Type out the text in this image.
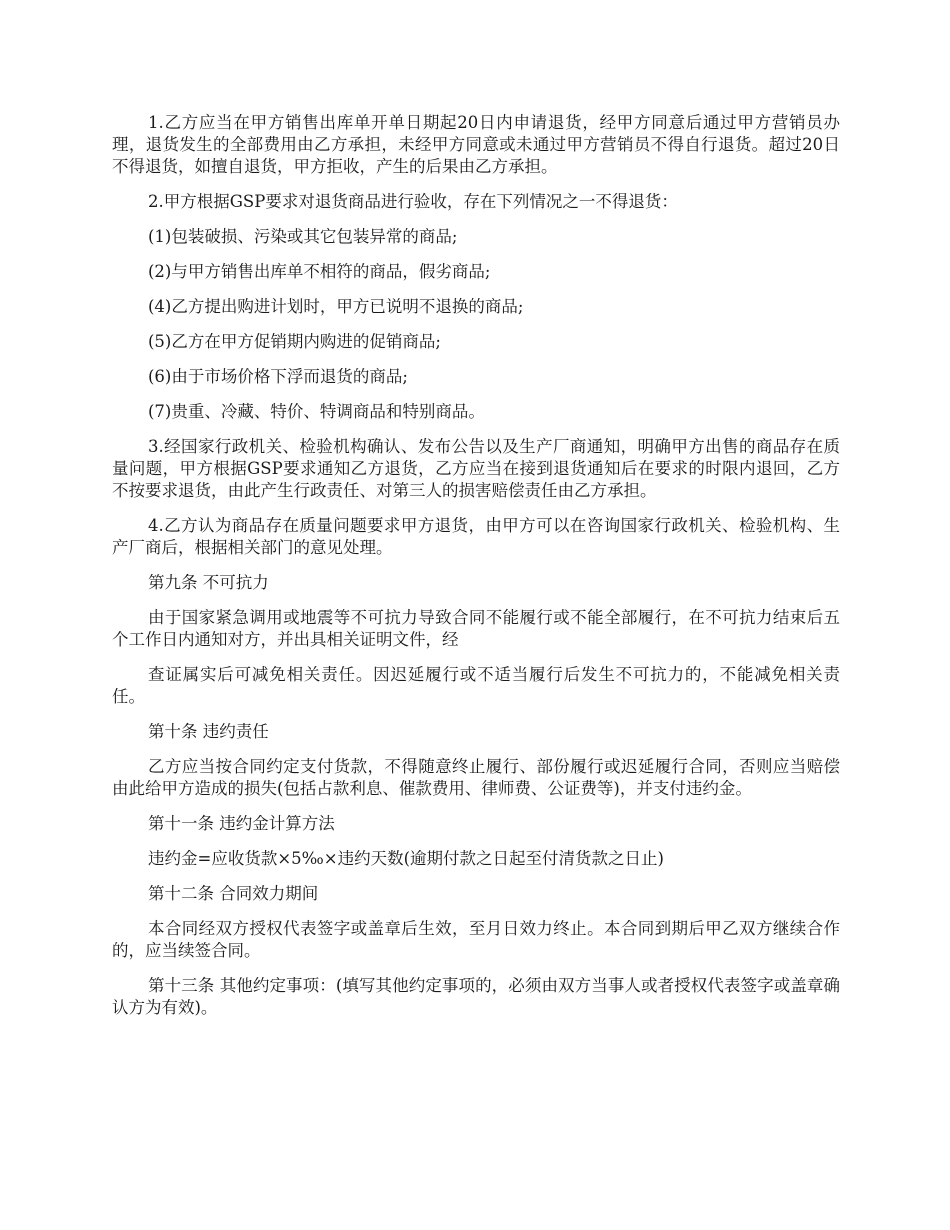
1.乙方应当在甲方销售出库单开单日期起20日内申请退货，经甲方同意后通过甲方营销员办理，退货发生的全部费用由乙方承担，未经甲方同意或未通过甲方营销员不得自行退货。超过20日不得退货，如擅自退货，甲方拒收，产生的后果由乙方承担。

2.甲方根据GSP要求对退货商品进行验收，存在下列情况之一不得退货：

(1)包装破损、污染或其它包装异常的商品;

(2)与甲方销售出库单不相符的商品，假劣商品;

(4)乙方提出购进计划时，甲方已说明不退换的商品;

(5)乙方在甲方促销期内购进的促销商品;

(6)由于市场价格下浮而退货的商品;

(7)贵重、冷藏、特价、特调商品和特别商品。

3.经国家行政机关、检验机构确认、发布公告以及生产厂商通知，明确甲方出售的商品存在质量问题，甲方根据GSP要求通知乙方退货，乙方应当在接到退货通知后在要求的时限内退回，乙方不按要求退货，由此产生行政责任、对第三人的损害赔偿责任由乙方承担。

4.乙方认为商品存在质量问题要求甲方退货，由甲方可以在咨询国家行政机关、检验机构、生产厂商后，根据相关部门的意见处理。

第九条 不可抗力

由于国家紧急调用或地震等不可抗力导致合同不能履行或不能全部履行，在不可抗力结束后五个工作日内通知对方，并出具相关证明文件，经

查证属实后可减免相关责任。因迟延履行或不适当履行后发生不可抗力的，不能减免相关责任。

第十条 违约责任

乙方应当按合同约定支付货款，不得随意终止履行、部份履行或迟延履行合同，否则应当赔偿由此给甲方造成的损失(包括占款利息、催款费用、律师费、公证费等)，并支付违约金。

第十一条 违约金计算方法

违约金=应收货款×5‰×违约天数(逾期付款之日起至付清货款之日止)

第十二条 合同效力期间

本合同经双方授权代表签字或盖章后生效，至月日效力终止。本合同到期后甲乙双方继续合作的，应当续签合同。

第十三条 其他约定事项：(填写其他约定事项的，必须由双方当事人或者授权代表签字或盖章确认方为有效)。
